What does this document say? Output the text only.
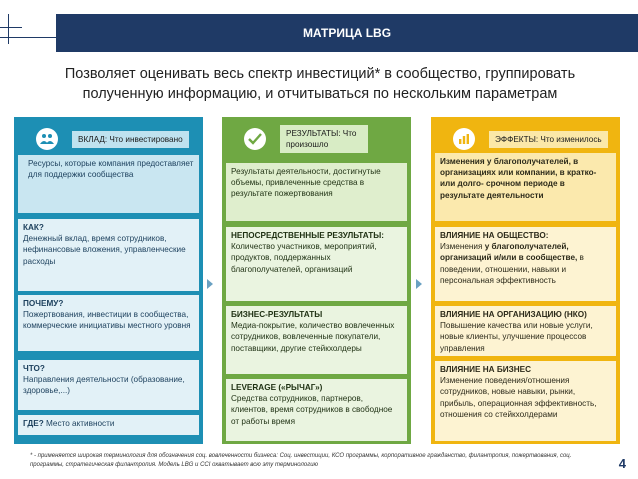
МАТРИЦА LBG
Позволяет оценивать весь спектр инвестиций* в сообщество, группировать
полученную информацию, и отчитываться по нескольким параметрам
ВКЛАД: Что инвестировано
Ресурсы, которые компания предоставляет для поддержки сообщества
КАК?
Денежный вклад, время сотрудников, нефинансовые вложения, управленческие расходы
ПОЧЕМУ?
Пожертвования, инвестиции в сообщества, коммерческие инициативы местного уровня
ЧТО?
Направления деятельности (образование, здоровье,...)
ГДЕ? Место активности
РЕЗУЛЬТАТЫ: Что произошло
Результаты деятельности, достигнутые объемы, привлеченные средства в результате пожертвования
НЕПОСРЕДСТВЕННЫЕ РЕЗУЛЬТАТЫ:
Количество участников, мероприятий, продуктов, поддержанных благополучателей, организаций
БИЗНЕС-РЕЗУЛЬТАТЫ
Медиа-покрытие, количество вовлеченных сотрудников, вовлеченные покупатели, поставщики, другие стейкхолдеры
LEVERAGE («РЫЧАГ»)
Средства сотрудников, партнеров, клиентов, время сотрудников в свободное от работы время
ЭФФЕКТЫ: Что изменилось
Изменения у благополучателей, в организациях или компании, в кратко- или долго- срочном периоде в результате деятельности
ВЛИЯНИЕ НА ОБЩЕСТВО:
Изменения у благополучателей, организаций и/или в сообществе, в поведении, отношении, навыки и персональная эффективность
ВЛИЯНИЕ НА ОРГАНИЗАЦИЮ (НКО)
Повышение качества или новые услуги, новые клиенты, улучшение процессов управления
ВЛИЯНИЕ НА БИЗНЕС
Изменение поведения/отношения сотрудников, новые навыки, рынки, прибыль, операционная эффективность, отношения со стейкхолдерами
* - применяется широкая терминология для обозначения соц. вовлеченности бизнеса: Соц. инвестиции, КСО программы, корпоративное гражданство, филантропия, пожертвования, соц. программы, стратегическая филантропия. Модель LBG и CCI охватывает всю эту терминологию	4
